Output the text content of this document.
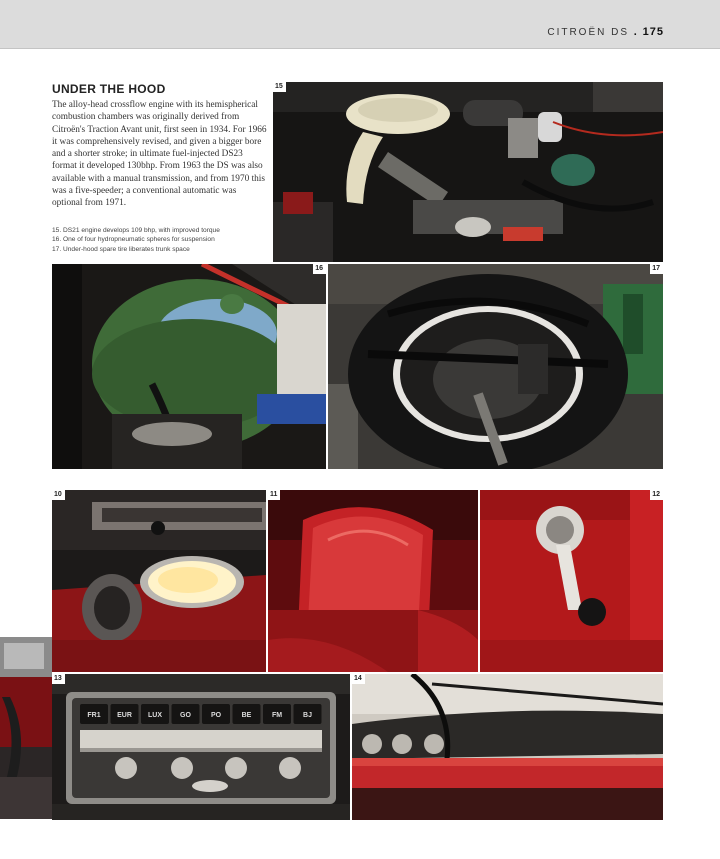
CITROËN DS . 175
UNDER THE HOOD
The alloy-head crossflow engine with its hemispherical combustion chambers was originally derived from Citroën's Traction Avant unit, first seen in 1934. For 1966 it was comprehensively revised, and given a bigger bore and a shorter stroke; in ultimate fuel-injected DS23 format it developed 130bhp. From 1963 the DS was also available with a manual transmission, and from 1970 this was a five-speeder; a conventional automatic was optional from 1971.
15. DS21 engine develops 109 bhp, with improved torque
16. One of four hydropneumatic spheres for suspension
17. Under-hood spare tire liberates trunk space
15
16	17
10	11	12
FR1 EUR LUX	GO	PO	BE	FM	BJ
13	14
